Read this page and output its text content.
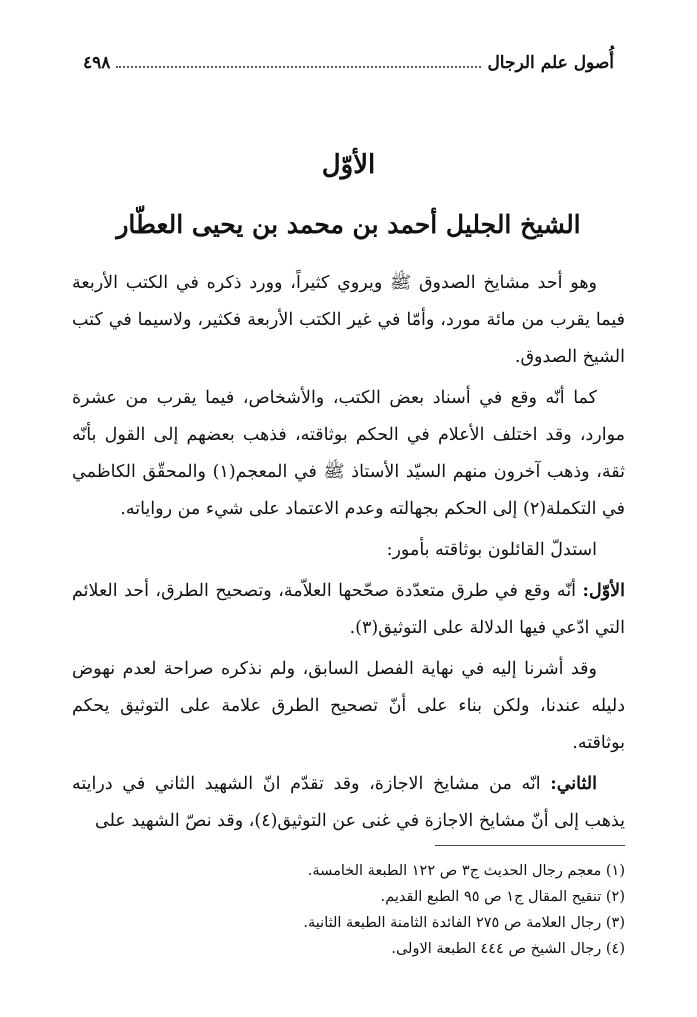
أُصول علم الرجال
٤٩٨
الأوّل
الشيخ الجليل أحمد بن محمد بن يحيى العطّار

وهو أحد مشايخ الصدوق ﷺ ويروي كثيراً، وورد ذكره في الكتب الأربعة فيما يقرب من مائة مورد، وأمّا في غير الكتب الأربعة فكثير، ولاسيما في كتب الشيخ الصدوق.

كما أنّه وقع في أسناد بعض الكتب، والأشخاص، فيما يقرب من عشرة موارد، وقد اختلف الأعلام في الحكم بوثاقته، فذهب بعضهم إلى القول بأنّه ثقة، وذهب آخرون منهم السيّد الأستاذ ﷺ في المعجم(١) والمحقّق الكاظمي في التكملة(٢) إلى الحكم بجهالته وعدم الاعتماد على شيء من رواياته.

استدلّ القائلون بوثاقته بأمور:

الأوّل: أنّه وقع في طرق متعدّدة صحّحها العلاّمة، وتصحيح الطرق، أحد العلائم التي ادّعي فيها الدلالة على التوثيق(٣).

وقد أشرنا إليه في نهاية الفصل السابق، ولم نذكره صراحة لعدم نهوض دليله عندنا، ولكن بناء على أنّ تصحيح الطرق علامة على التوثيق يحكم بوثاقته.

الثاني: انّه من مشايخ الاجازة، وقد تقدّم انّ الشهيد الثاني في درايته يذهب إلى أنّ مشايخ الاجازة في غنى عن التوثيق(٤)، وقد نصّ الشهيد على

(١) معجم رجال الحديث ج٣ ص ١٢٢ الطبعة الخامسة.
(٢) تنقيح المقال ج١ ص ٩٥ الطبع القديم.
(٣) رجال العلامة ص ٢٧٥ الفائدة الثامنة الطبعة الثانية.
(٤) رجال الشيخ ص ٤٤٤ الطبعة الاولى.
